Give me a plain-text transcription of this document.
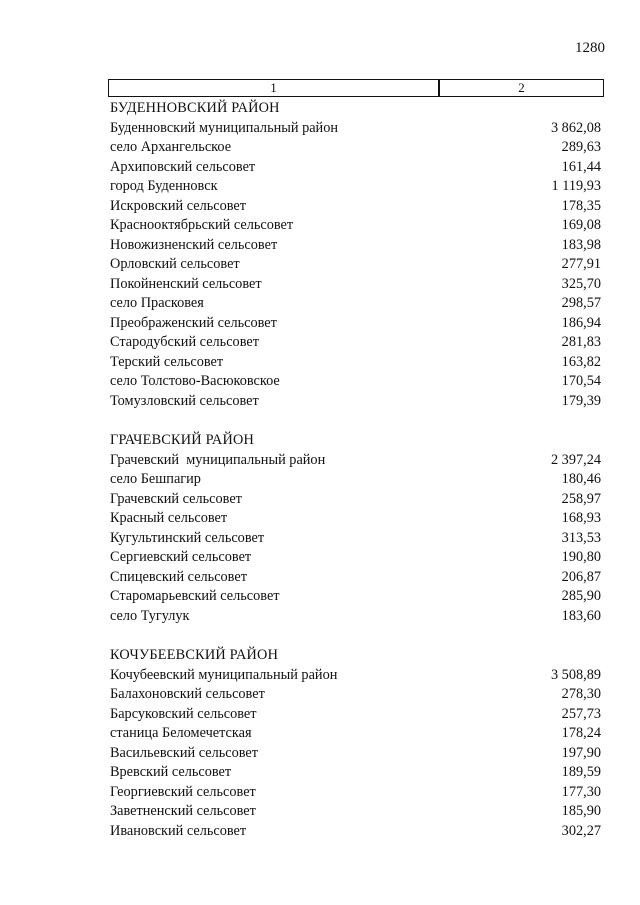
1280
1	2
БУДЕННОВСКИЙ РАЙОН
Буденновский муниципальный район	3 862,08
село Архангельское	289,63
Архиповский сельсовет	161,44
город Буденновск	1 119,93
Искровский сельсовет	178,35
Краснооктябрьский сельсовет	169,08
Новожизненский сельсовет	183,98
Орловский сельсовет	277,91
Покойненский сельсовет	325,70
село Прасковея	298,57
Преображенский сельсовет	186,94
Стародубский сельсовет	281,83
Терский сельсовет	163,82
село Толстово-Васюковское	170,54
Томузловский сельсовет	179,39
ГРАЧЕВСКИЙ РАЙОН
Грачевский  муниципальный район	2 397,24
село Бешпагир	180,46
Грачевский сельсовет	258,97
Красный сельсовет	168,93
Кугультинский сельсовет	313,53
Сергиевский сельсовет	190,80
Спицевский сельсовет	206,87
Старомарьевский сельсовет	285,90
село Тугулук	183,60
КОЧУБЕЕВСКИЙ РАЙОН
Кочубеевский муниципальный район	3 508,89
Балахоновский сельсовет	278,30
Барсуковский сельсовет	257,73
станица Беломечетская	178,24
Васильевский сельсовет	197,90
Вревский сельсовет	189,59
Георгиевский сельсовет	177,30
Заветненский сельсовет	185,90
Ивановский сельсовет	302,27
